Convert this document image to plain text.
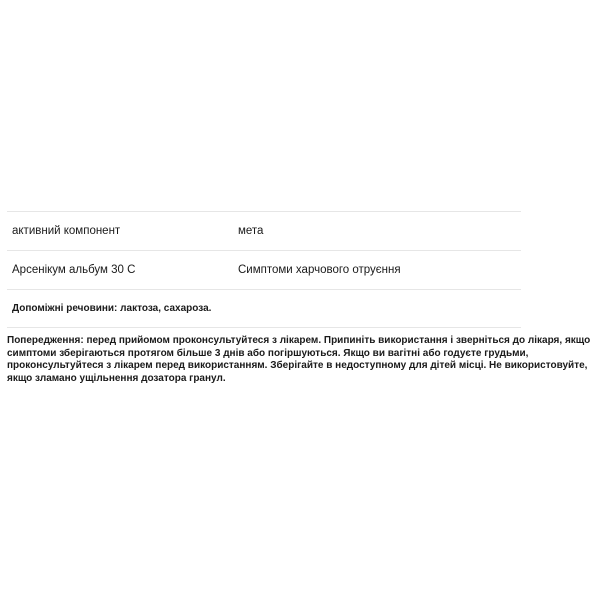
активний компонент	мета
Арсенікум альбум 30 С	Симптоми харчового отруєння
Допоміжні речовини: лактоза, сахароза.	

Попередження: перед прийомом проконсультуйтеся з лікарем. Припиніть використання і зверніться до лікаря, якщо симптоми зберігаються протягом більше 3 днів або погіршуються. Якщо ви вагітні або годуєте грудьми, проконсультуйтеся з лікарем перед використанням. Зберігайте в недоступному для дітей місці. Не використовуйте, якщо зламано ущільнення дозатора гранул.
